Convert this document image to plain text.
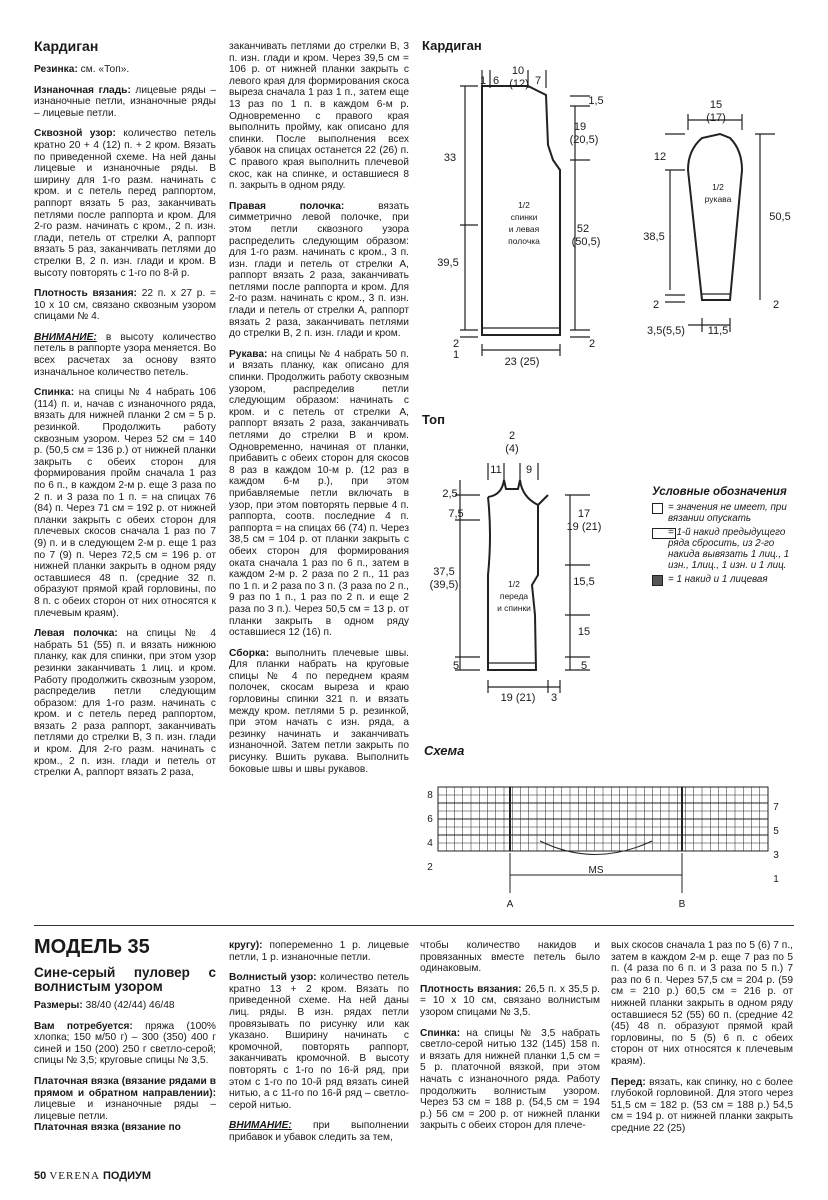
Кардиган

Резинка: см. «Топ».

Изнаночная гладь: лицевые ряды – изнаночные петли, изнаночные ряды – лицевые петли.

Сквозной узор: количество петель кратно 20 + 4 (12) п. + 2 кром. Вязать по приведенной схеме. На ней даны лицевые и изнаночные ряды. В ширину для 1-го разм. начинать с кром. и с петель перед раппортом, раппорт вязать 5 раз, заканчивать петлями после раппорта и кром. Для 2-го разм. начинать с кром., 2 п. изн. глади, петель от стрелки А, раппорт вязать 5 раз, заканчивать петлями до стрелки В, 2 п. изн. глади и кром. В высоту повторять с 1-го по 8-й р.

Плотность вязания: 22 п. х 27 р. = 10 х 10 см, связано сквозным узором спицами № 4.

ВНИМАНИЕ: в высоту количество петель в раппорте узора меняется. Во всех расчетах за основу взято изначальное количество петель.

Спинка: на спицы № 4 набрать 106 (114) п. и, начав с изнаночного ряда, вязать для нижней планки 2 см = 5 р. резинкой. Продолжить работу сквозным узором. Через 52 см = 140 р. (50,5 см = 136 р.) от нижней планки закрыть с обеих сторон для формирования пройм сначала 1 раз по 6 п., в каждом 2-м р. еще 3 раза по 2 п. и 3 раза по 1 п. = на спицах 76 (84) п. Через 71 см = 192 р. от нижней планки закрыть с обеих сторон для плечевых скосов сначала 1 раз по 7 (9) п. и в следующем 2-м р. еще 1 раз по 7 (9) п. Через 72,5 см = 196 р. от нижней планки закрыть в одном ряду оставшиеся 48 п. (средние 32 п. образуют прямой край горловины, по 8 п. с обеих сторон от них относятся к плечевым краям).

Левая полочка: на спицы № 4 набрать 51 (55) п. и вязать нижнюю планку, как для спинки, при этом узор резинки заканчивать 1 лиц. и кром. Работу продолжить сквозным узором, распределив петли следующим образом: для 1-го разм. начинать с кром. и с петель перед раппортом, вязать 2 раза раппорт, заканчивать петлями до стрелки В, 3 п. изн. глади и кром. Для 2-го разм. начинать с кром., 2 п. изн. глади и петель от стрелки А, раппорт вязать 2 раза,

заканчивать петлями до стрелки В, 3 п. изн. глади и кром. Через 39,5 см = 106 р. от нижней планки закрыть с левого края для формирования скоса выреза сначала 1 раз 1 п., затем еще 13 раз по 1 п. в каждом 6-м р. Одновременно с правого края выполнить пройму, как описано для спинки. После выполнения всех убавок на спицах останется 22 (26) п. С правого края выполнить плечевой скос, как на спинке, и оставшиеся 8 п. закрыть в одном ряду.

Правая полочка: вязать симметрично левой полочке, при этом петли сквозного узора распределить следующим образом: для 1-го разм. начинать с кром., 3 п. изн. глади и петель от стрелки А, раппорт вязать 2 раза, заканчивать петлями после раппорта и кром. Для 2-го разм. начинать с кром., 3 п. изн. глади и петель от стрелки А, раппорт вязать 2 раза, заканчивать петлями до стрелки В, 2 п. изн. глади и кром.

Рукава: на спицы № 4 набрать 50 п. и вязать планку, как описано для спинки. Продолжить работу сквозным узором, распределив петли следующим образом: начинать с кром. и с петель от стрелки А, раппорт вязать 2 раза, заканчивать петлями до стрелки В и кром. Одновременно, начиная от планки, прибавить с обеих сторон для скосов 8 раз в каждом 10-м р. (12 раз в каждом 6-м р.), при этом прибавляемые петли включать в узор, при этом повторять первые 4 п. раппорта, соотв. последние 4 п. раппорта = на спицах 66 (74) п. Через 38,5 см = 104 р. от планки закрыть с обеих сторон для формирования оката сначала 1 раз по 6 п., затем в каждом 2-м р. 2 раза по 2 п., 11 раз по 1 п. и 2 раза по 3 п. (3 раза по 2 п., 9 раз по 1 п., 1 раз по 2 п. и еще 2 раза по 3 п.). Через 50,5 см = 13 р. от планки закрыть в одном ряду оставшиеся 12 (16) п.

Сборка: выполнить плечевые швы. Для планки набрать на круговые спицы № 4 по переднем краям полочек, скосам выреза и краю горловины спинки 321 п. и вязать между кром. петлями 5 р. резинкой, при этом начать с изн. ряда, а резинку начинать и заканчивать изнаночной. Затем петли закрыть по рисунку. Вшить рукава. Выполнить боковые швы и швы рукавов.

Кардиган
1 6
10
(12) 7
1,5
19
(20,5)
33
52
(50,5)
39,5
2	2
1
23 (25)
1/2
спинки
и левая
полочка
15
(17)
12
50,5
38,5
2	2
3,5(5,5) 11,5
1/2
рукава
Топ
2
(4)
11 9
2,5
7,5	17
19 (21)
37,5
(39,5)	15,5
15
5	5
19 (21) 3
1/2
переда
и спинки
Условные обозначения
= значения не имеет, при вязании опускать
= 1-й накид предыдущего ряда сбросить, из 2-го накида вывязать 1 лиц., 1 изн., 1лиц., 1 изн. и 1 лиц.
= 1 накид и 1 лицевая
Схема
8
6
4
2
7
5
3
1
MS
A	B
МОДЕЛЬ 35
Сине-серый пуловер с волнистым узором

Размеры: 38/40 (42/44) 46/48

Вам потребуется: пряжа (100% хлопка; 150 м/50 г) – 300 (350) 400 г синей и 150 (200) 250 г светло-серой; спицы № 3,5; круговые спицы № 3,5.

Платочная вязка (вязание рядами в прямом и обратном направлении): лицевые и изнаночные ряды – лицевые петли.
Платочная вязка (вязание по

кругу): попеременно 1 р. лицевые петли, 1 р. изнаночные петли.

Волнистый узор: количество петель кратно 13 + 2 кром. Вязать по приведенной схеме. На ней даны лиц. ряды. В изн. рядах петли провязывать по рисунку или как указано. Вширину начинать с кромочной, повторять раппорт, заканчивать кромочной. В высоту повторять с 1-го по 16-й ряд, при этом с 1-го по 10-й ряд вязать синей нитью, а с 11-го по 16-й ряд – светло-серой нитью.

ВНИМАНИЕ: при выполнении прибавок и убавок следить за тем,

чтобы количество накидов и провязанных вместе петель было одинаковым.

Плотность вязания: 26,5 п. х 35,5 р. = 10 х 10 см, связано волнистым узором спицами № 3,5.

Спинка: на спицы № 3,5 набрать светло-серой нитью 132 (145) 158 п. и вязать для нижней планки 1,5 см = 5 р. платочной вязкой, при этом начать с изнаночного ряда. Работу продолжить волнистым узором. Через 53 см = 188 р. (54,5 см = 194 р.) 56 см = 200 р. от нижней планки закрыть с обеих сторон для плече-

вых скосов сначала 1 раз по 5 (6) 7 п., затем в каждом 2-м р. еще 7 раз по 5 п. (4 раза по 6 п. и 3 раза по 5 п.) 7 раз по 6 п. Через 57,5 см = 204 р. (59 см = 210 р.) 60,5 см = 216 р. от нижней планки закрыть в одном ряду оставшиеся 52 (55) 60 п. (средние 42 (45) 48 п. образуют прямой край горловины, по 5 (5) 6 п. с обеих сторон от них относятся к плечевым краям).

Перед: вязать, как спинку, но с более глубокой горловиной. Для этого через 51,5 см = 182 р. (53 см = 188 р.) 54,5 см = 194 р. от нижней планки закрыть средние 22 (25)

50 VERENA ПОДИУМ
